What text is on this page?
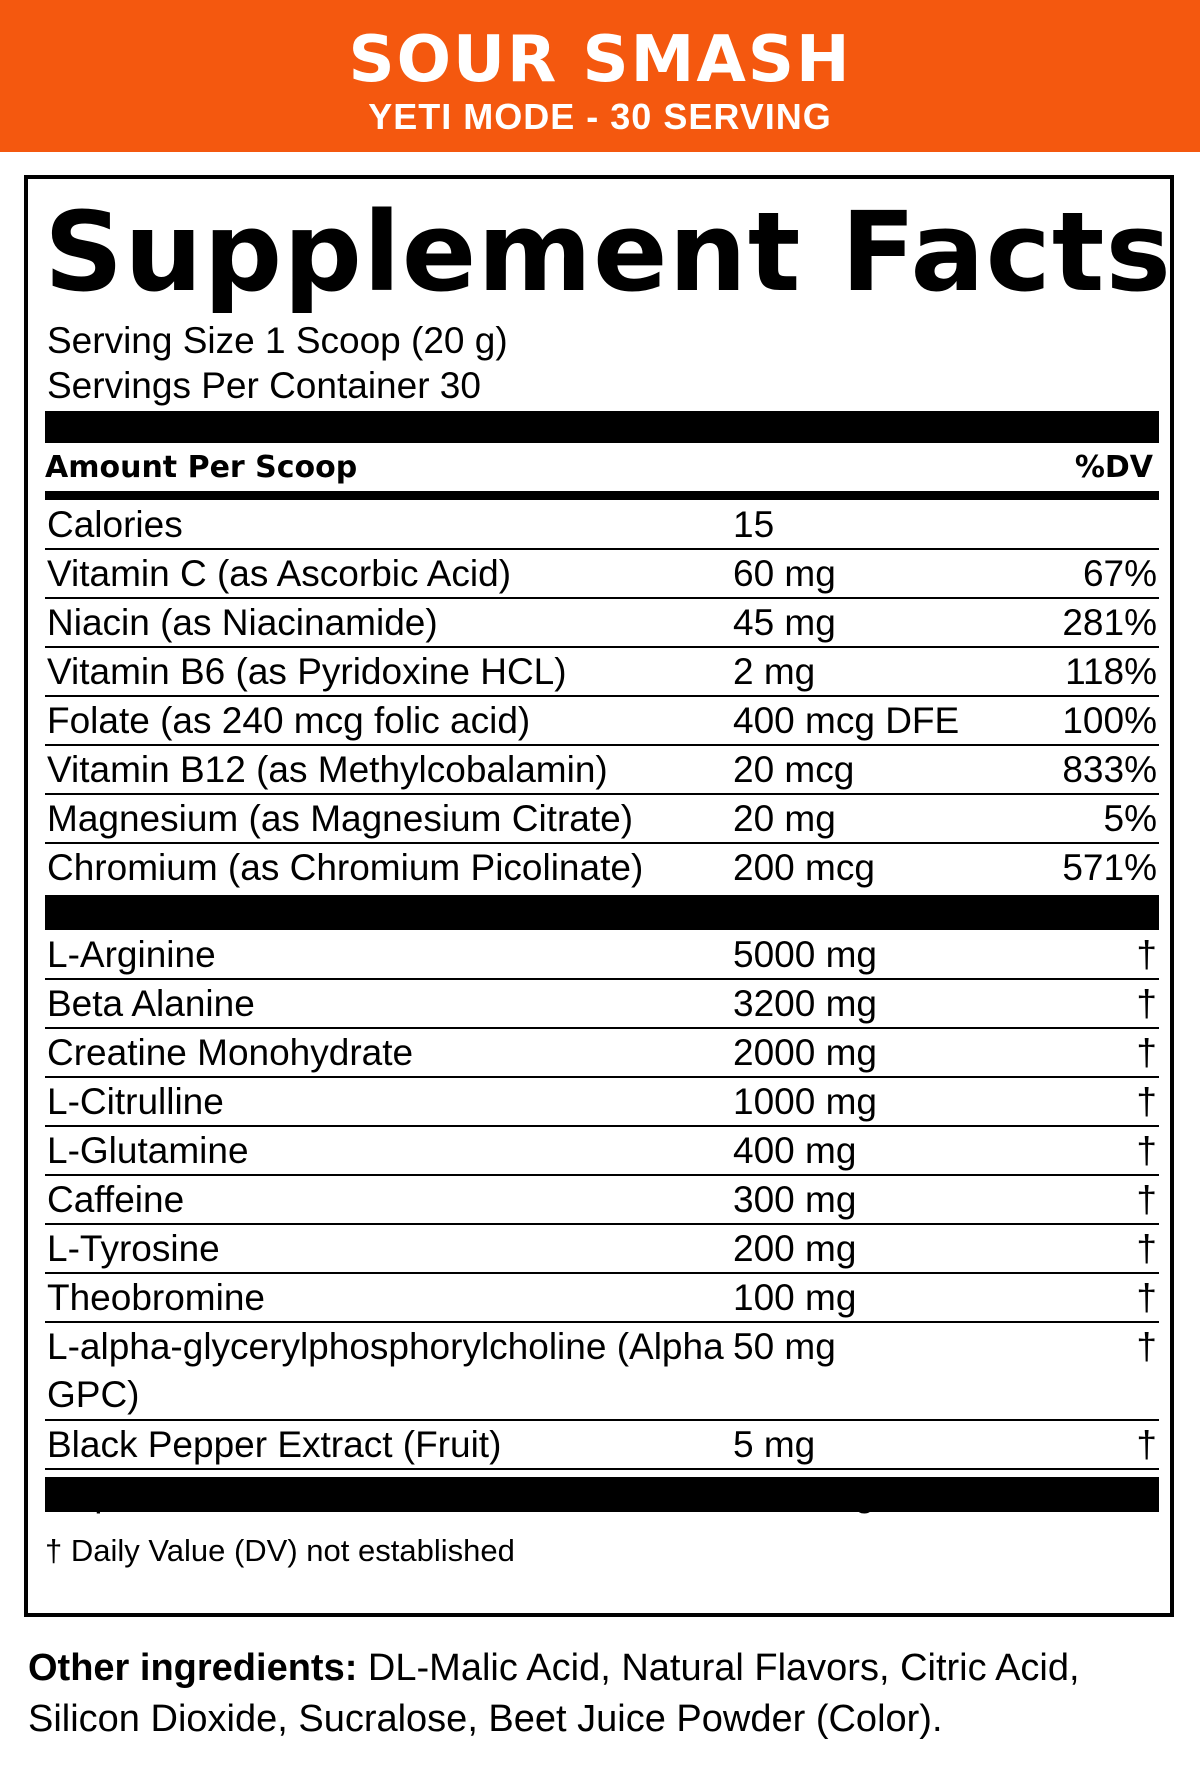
SOUR SMASH
YETI MODE - 30 SERVING
Supplement Facts
Serving Size 1 Scoop (20 g)
Servings Per Container 30
Amount Per Scoop	%DV
Calories	15
Vitamin C (as Ascorbic Acid)	60 mg	67%
Niacin (as Niacinamide)	45 mg	281%
Vitamin B6 (as Pyridoxine HCL)	2 mg	118%
Folate (as 240 mcg folic acid)	400 mcg DFE	100%
Vitamin B12 (as Methylcobalamin)	20 mcg	833%
Magnesium (as Magnesium Citrate)	20 mg	5%
Chromium (as Chromium Picolinate)	200 mcg	571%
L-Arginine	5000 mg	†
Beta Alanine	3200 mg	†
Creatine Monohydrate	2000 mg	†
L-Citrulline	1000 mg	†
L-Glutamine	400 mg	†
Caffeine	300 mg	†
L-Tyrosine	200 mg	†
Theobromine	100 mg	†
L-alpha-glycerylphosphorylcholine (Alpha GPC)
50 mg	†
Black Pepper Extract (Fruit)	5 mg	†
† Daily Value (DV) not established
Other ingredients: DL-Malic Acid, Natural Flavors, Citric Acid, Silicon Dioxide, Sucralose, Beet Juice Powder (Color).
